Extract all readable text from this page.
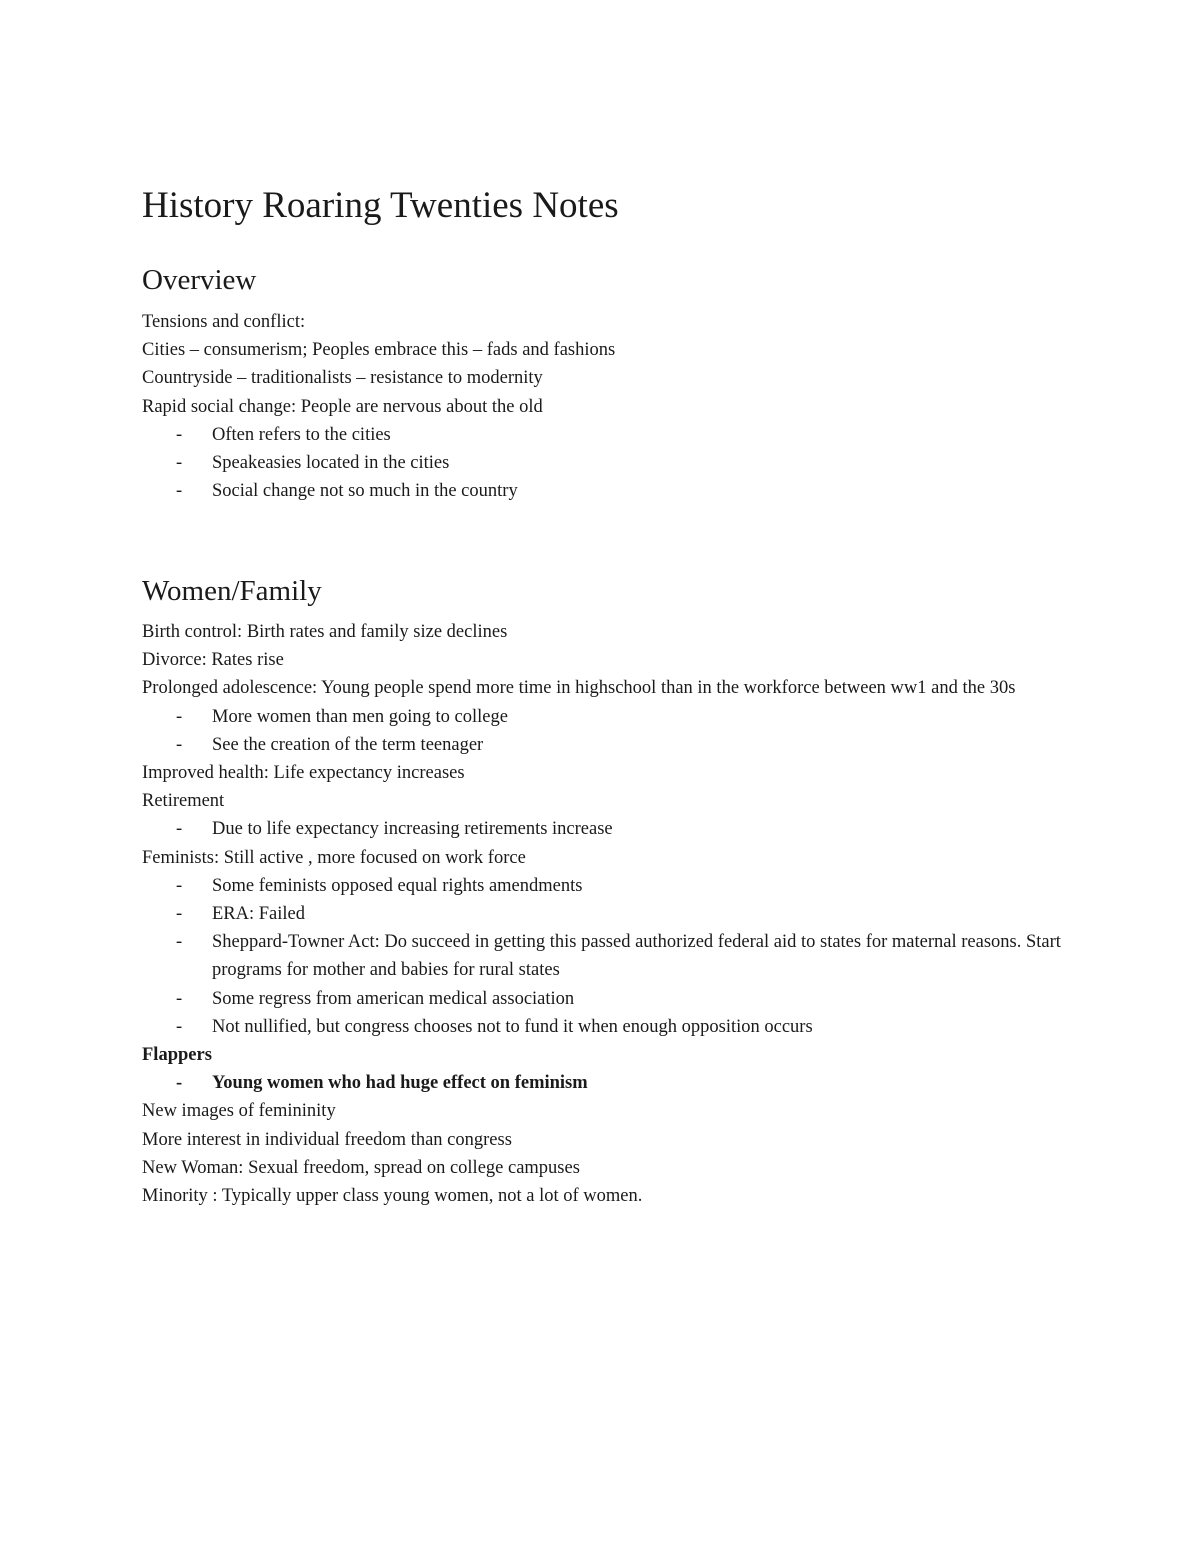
History Roaring Twenties Notes
Overview

Tensions and conflict:

Cities – consumerism; Peoples embrace this – fads and fashions

Countryside – traditionalists – resistance to modernity

Rapid social change: People are nervous about the old

- Often refers to the cities

- Speakeasies located in the cities

- Social change not so much in the country

Women/Family

Birth control: Birth rates and family size declines

Divorce: Rates rise

Prolonged adolescence: Young people spend more time in highschool than in the workforce between ww1 and the 30s

- More women than men going to college

- See the creation of the term teenager

Improved health: Life expectancy increases

Retirement

- Due to life expectancy increasing retirements increase

Feminists: Still active , more focused on work force

- Some feminists opposed equal rights amendments

- ERA: Failed

- Sheppard-Towner Act: Do succeed in getting this passed authorized federal aid to states for maternal reasons. Start programs for mother and babies for rural states

- Some regress from american medical association

- Not nullified, but congress chooses not to fund it when enough opposition occurs

Flappers

- Young women who had huge effect on feminism

New images of femininity

More interest in individual freedom than congress

New Woman: Sexual freedom, spread on college campuses

Minority : Typically upper class young women, not a lot of women.
